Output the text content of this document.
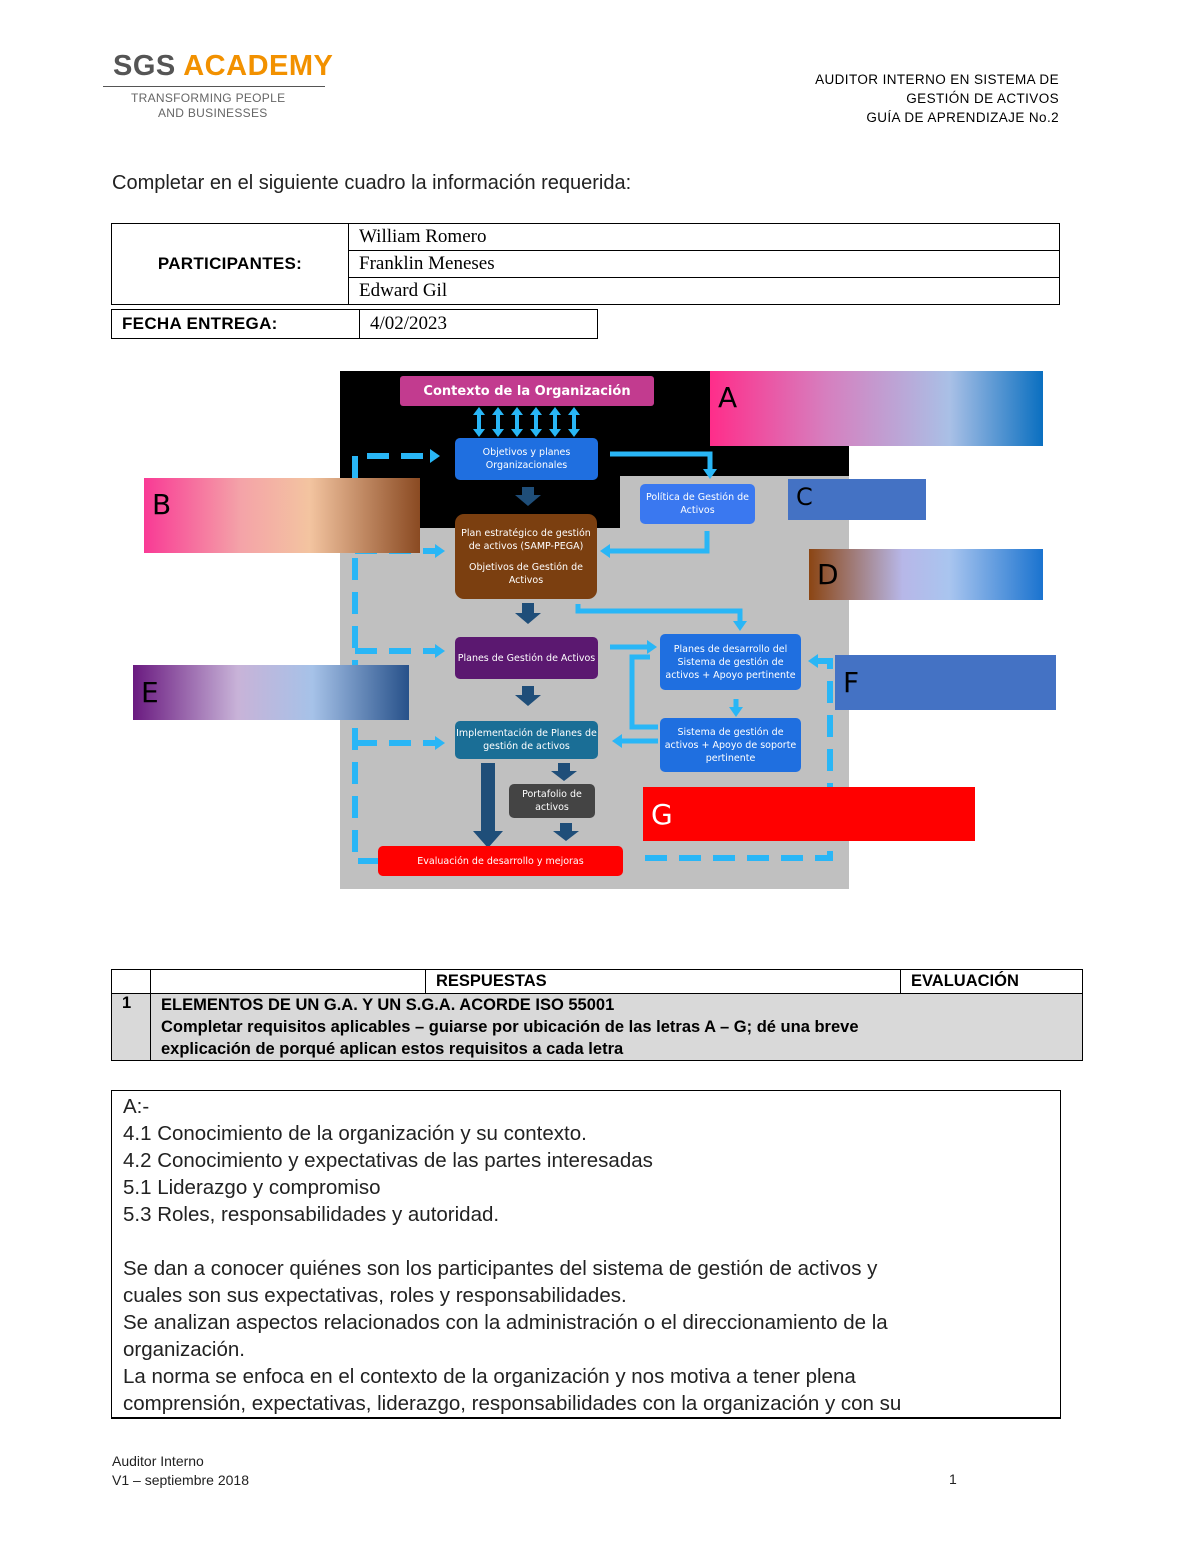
SGS ACADEMY
TRANSFORMING PEOPLE
AND BUSINESSES
AUDITOR INTERNO EN SISTEMA DE
GESTIÓN DE ACTIVOS
GUÍA DE APRENDIZAJE No.2
Completar en el siguiente cuadro la información requerida:
PARTICIPANTES:	William Romero
Franklin Meneses
Edward Gil
FECHA ENTREGA:	4/02/2023
Contexto de la Organización
Objetivos y planes Organizacionales
Política de Gestión de Activos
Plan estratégico de gestión de activos (SAMP-PEGA)
Objetivos de Gestión de Activos
Planes de Gestión de Activos
Planes de desarrollo del Sistema de gestión de activos + Apoyo pertinente
Implementación de Planes de gestión de activos
Sistema de gestión de activos + Apoyo de soporte pertinente
Portafolio de activos
Evaluación de desarrollo y mejoras
A
B	C
D
E	F
G
		RESPUESTAS	EVALUACIÓN
1	ELEMENTOS DE UN G.A. Y UN S.G.A. ACORDE ISO 55001
Completar requisitos aplicables – guiarse por ubicación de las letras A – G; dé una breve
explicación de porqué aplican estos requisitos a cada letra		
A:-
4.1 Conocimiento de la organización y su contexto.
4.2 Conocimiento y expectativas de las partes interesadas
5.1 Liderazgo y compromiso
5.3 Roles, responsabilidades y autoridad.
Se dan a conocer quiénes son los participantes del sistema de gestión de activos y
cuales son sus expectativas, roles y responsabilidades.
Se analizan aspectos relacionados con la administración o el direccionamiento de la
organización.
La norma se enfoca en el contexto de la organización y nos motiva a tener plena
comprensión, expectativas, liderazgo, responsabilidades con la organización y con su
Auditor Interno
V1 – septiembre 2018	1
